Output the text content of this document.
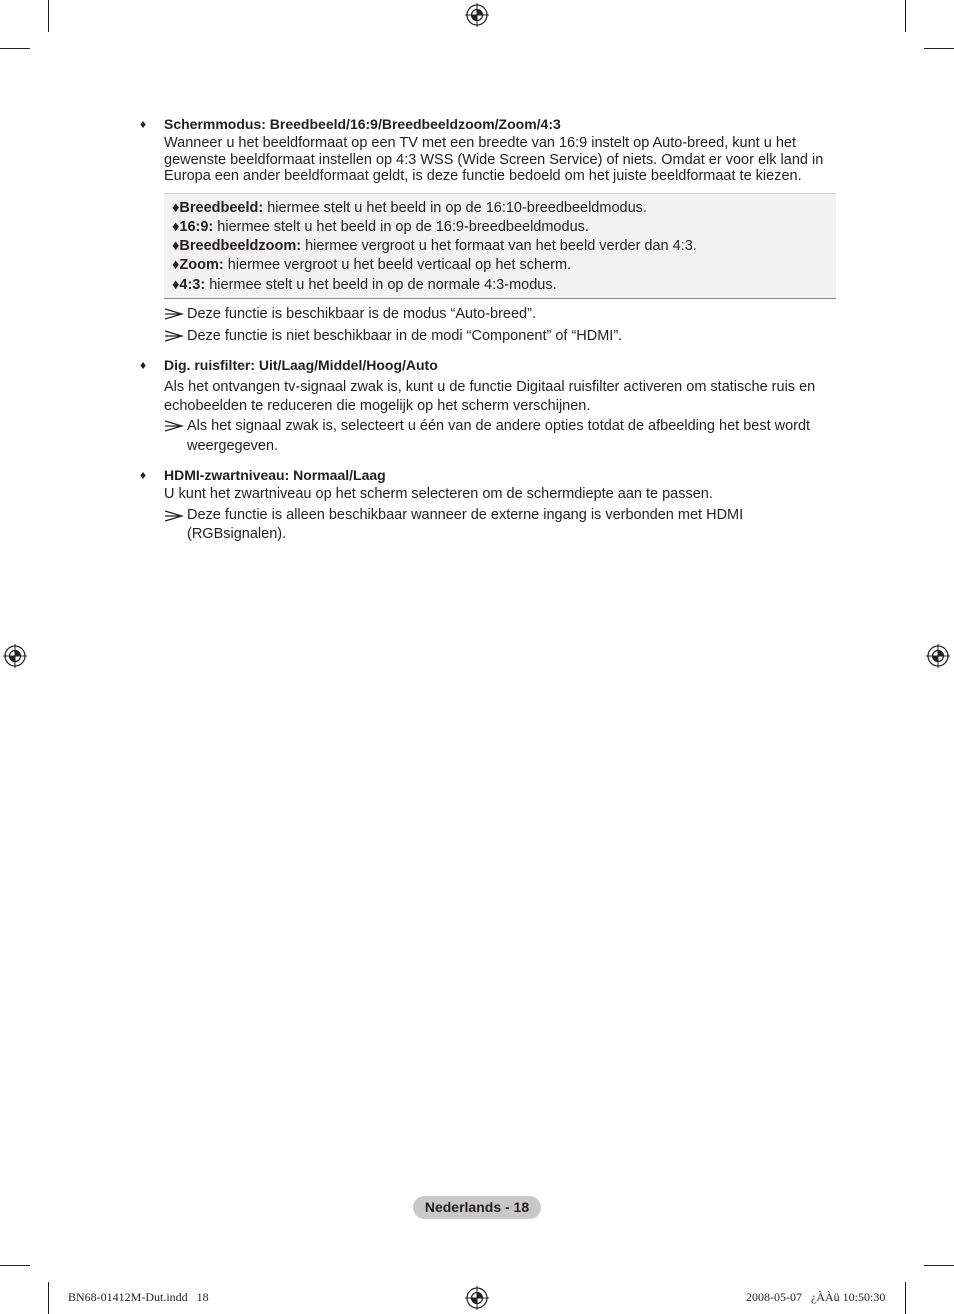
♦ Schermmodus: Breedbeeld/16:9/Breedbeeldzoom/Zoom/4:3
Wanneer u het beeldformaat op een TV met een breedte van 16:9 instelt op Auto-breed, kunt u het gewenste beeldformaat instellen op 4:3 WSS (Wide Screen Service) of niets. Omdat er voor elk land in Europa een ander beeldformaat geldt, is deze functie bedoeld om het juiste beeldformaat te kiezen.
♦Breedbeeld: hiermee stelt u het beeld in op de 16:10-breedbeeldmodus.
♦16:9: hiermee stelt u het beeld in op de 16:9-breedbeeldmodus.
♦Breedbeeldzoom: hiermee vergroot u het formaat van het beeld verder dan 4:3.
♦Zoom: hiermee vergroot u het beeld verticaal op het scherm.
♦4:3: hiermee stelt u het beeld in op de normale 4:3-modus.
Deze functie is beschikbaar is de modus “Auto-breed”.
Deze functie is niet beschikbaar in de modi “Component” of “HDMI”.
♦ Dig. ruisfilter: Uit/Laag/Middel/Hoog/Auto
Als het ontvangen tv-signaal zwak is, kunt u de functie Digitaal ruisfilter activeren om statische ruis en echobeelden te reduceren die mogelijk op het scherm verschijnen.
Als het signaal zwak is, selecteert u één van de andere opties totdat de afbeelding het best wordt weergegeven.
♦ HDMI-zwartniveau: Normaal/Laag
U kunt het zwartniveau op het scherm selecteren om de schermdiepte aan te passen.
Deze functie is alleen beschikbaar wanneer de externe ingang is verbonden met HDMI (RGBsignalen).
Nederlands - 18
BN68-01412M-Dut.indd   18	2008-05-07   ¿ÀÀü 10:50:30
